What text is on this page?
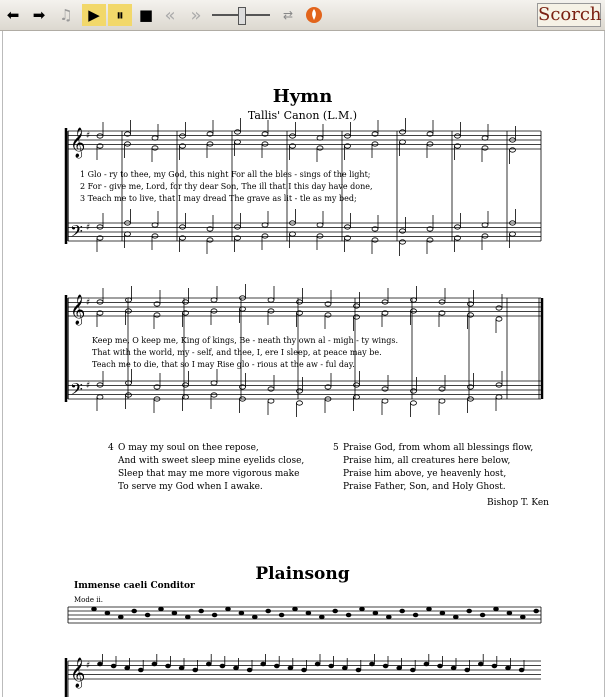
⬅ ➡ ♫	▶	⏸	■ « »	⇄	Scorch
𝄞
𝄢
𝄞
𝄢
𝄞
♯
♯
♯
♯
♯
Hymn
Tallis' Canon (L.M.)
1 Glo - ry to thee, my God, this night For all the bles - sings of the light;
2 For - give me, Lord, for thy dear Son, The ill that I this day have done,
3 Teach me to live, that I may dread The grave as lit - tle as my bed;
Keep me, O keep me, King of kings, Be - neath thy own al - migh - ty wings.
That with the world, my - self, and thee, I, ere I sleep, at peace may be.
Teach me to die, that so I may Rise glo - rious at the aw - ful day.
4 O may my soul on thee repose,
And with sweet sleep mine eyelids close,
Sleep that may me more vigorous make
To serve my God when I awake.
5 Praise God, from whom all blessings flow,
Praise him, all creatures here below,
Praise him above, ye heavenly host,
Praise Father, Son, and Holy Ghost.
Bishop T. Ken
Plainsong
Immense caeli Conditor
Mode ii.
